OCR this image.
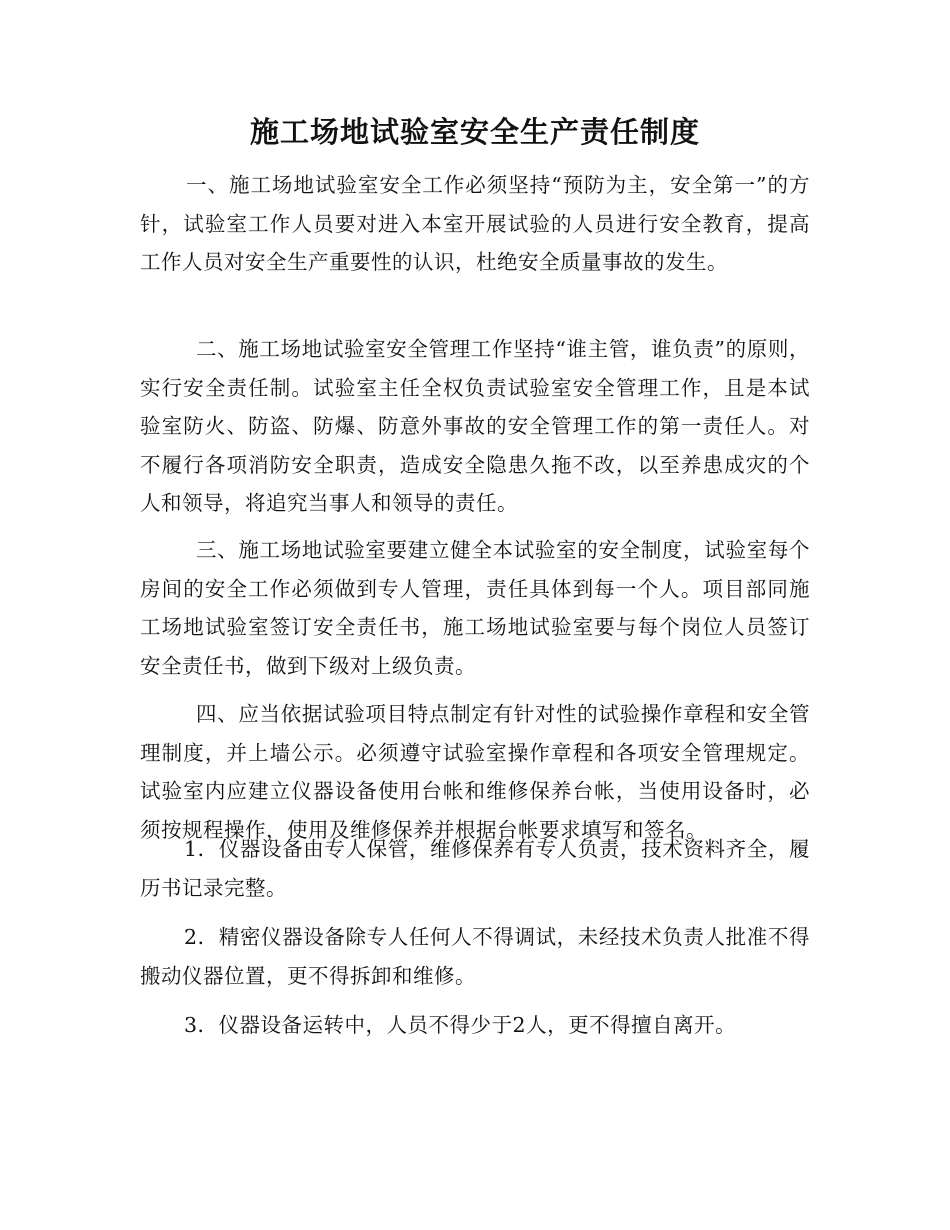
施工场地试验室安全生产责任制度

一、施工场地试验室安全工作必须坚持“预防为主，安全第一”的方针，试验室工作人员要对进入本室开展试验的人员进行安全教育，提高工作人员对安全生产重要性的认识，杜绝安全质量事故的发生。

二、施工场地试验室安全管理工作坚持“谁主管，谁负责”的原则，实行安全责任制。试验室主任全权负责试验室安全管理工作，且是本试验室防火、防盗、防爆、防意外事故的安全管理工作的第一责任人。对不履行各项消防安全职责，造成安全隐患久拖不改，以至养患成灾的个人和领导，将追究当事人和领导的责任。

三、施工场地试验室要建立健全本试验室的安全制度，试验室每个房间的安全工作必须做到专人管理，责任具体到每一个人。项目部同施工场地试验室签订安全责任书，施工场地试验室要与每个岗位人员签订安全责任书，做到下级对上级负责。

四、应当依据试验项目特点制定有针对性的试验操作章程和安全管理制度，并上墙公示。必须遵守试验室操作章程和各项安全管理规定。试验室内应建立仪器设备使用台帐和维修保养台帐，当使用设备时，必须按规程操作，使用及维修保养并根据台帐要求填写和签名。

1．仪器设备由专人保管，维修保养有专人负责，技术资料齐全，履历书记录完整。

2．精密仪器设备除专人任何人不得调试，未经技术负责人批准不得搬动仪器位置，更不得拆卸和维修。

3．仪器设备运转中，人员不得少于2人，更不得擅自离开。
